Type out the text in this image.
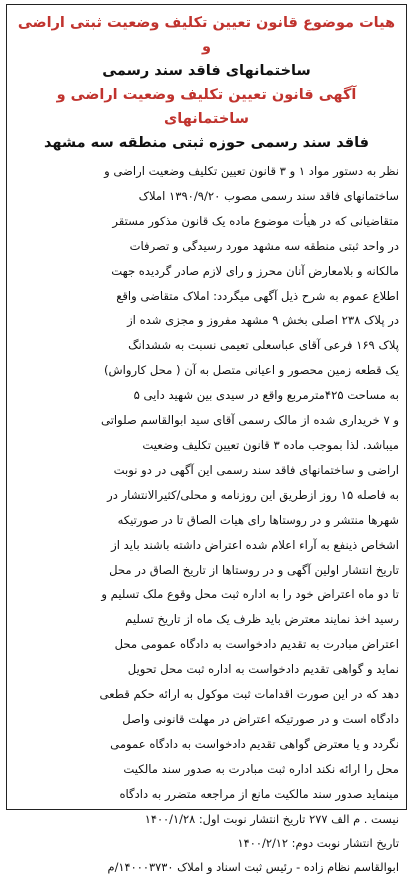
هیات موضوع قانون تعیین تکلیف وضعیت ثبتی اراضی و
ساختمانهای فاقد سند رسمی
آگهی قانون تعیین تکلیف وضعیت اراضی و ساختمانهای
فاقد سند رسمی حوزه ثبتی منطقه سه مشهد
نظر به دستور مواد ۱ و ۳ قانون تعیین تکلیف وضعیت اراضی و
ساختمانهای فاقد سند رسمی مصوب ۱۳۹۰/۹/۲۰ املاک
متقاضیانی که در هیأت موضوع ماده یک قانون مذکور مستقر
در واحد ثبتی منطقه سه مشهد مورد رسیدگی و تصرفات
مالکانه و بلامعارض آنان محرز و رای لازم صادر گردیده جهت
اطلاع عموم به شرح ذیل آگهی میگردد: املاک متقاضی واقع
در پلاک ۲۳۸ اصلی بخش ۹ مشهد مفروز و مجزی شده از
پلاک ۱۶۹ فرعی آقای عباسعلی تعیمی نسبت به ششدانگ
یک قطعه زمین محصور و اعیانی متصل به آن ( محل کارواش)
به مساحت ۴۲۵مترمربع واقع در سیدی بین شهید دایی ۵
و ۷ خریداری شده از مالک رسمی آقای سید ابوالقاسم صلواتی
میباشد. لذا بموجب ماده ۳ قانون تعیین تکلیف وضعیت
اراضی و ساختمانهای فاقد سند رسمی این آگهی در دو نوبت
به فاصله ۱۵ روز ازطریق این روزنامه و محلی/کثیرالانتشار در
شهرها منتشر و در روستاها رای هیات الصاق تا در صورتیکه
اشخاص ذینفع به آراء اعلام شده اعتراض داشته باشند باید از
تاریخ انتشار اولین آگهی و در روستاها از تاریخ الصاق در محل
تا دو ماه اعتراض خود را به اداره ثبت محل وقوع ملک تسلیم و
رسید اخذ نمایند معترض باید ظرف یک ماه از تاریخ تسلیم
اعتراض مبادرت به تقدیم دادخواست به دادگاه عمومی محل
نماید و گواهی تقدیم دادخواست به اداره ثبت محل تحویل
دهد که در این صورت اقدامات ثبت موکول به ارائه حکم قطعی
دادگاه است و در صورتیکه اعتراض در مهلت قانونی واصل
نگردد و یا معترض گواهی تقدیم دادخواست به دادگاه عمومی
محل را ارائه نکند اداره ثبت مبادرت به صدور سند مالکیت
مینماید صدور سند مالکیت مانع از مراجعه متضرر به دادگاه
نیست . م الف ۲۷۷ تاریخ انتشار نوبت اول: ۱۴۰۰/۱/۲۸
تاریخ انتشار نوبت دوم: ۱۴۰۰/۲/۱۲
ابوالقاسم نظام زاده - رئیس ثبت اسناد و املاک ۱۴۰۰۰۳۷۳۰/م
